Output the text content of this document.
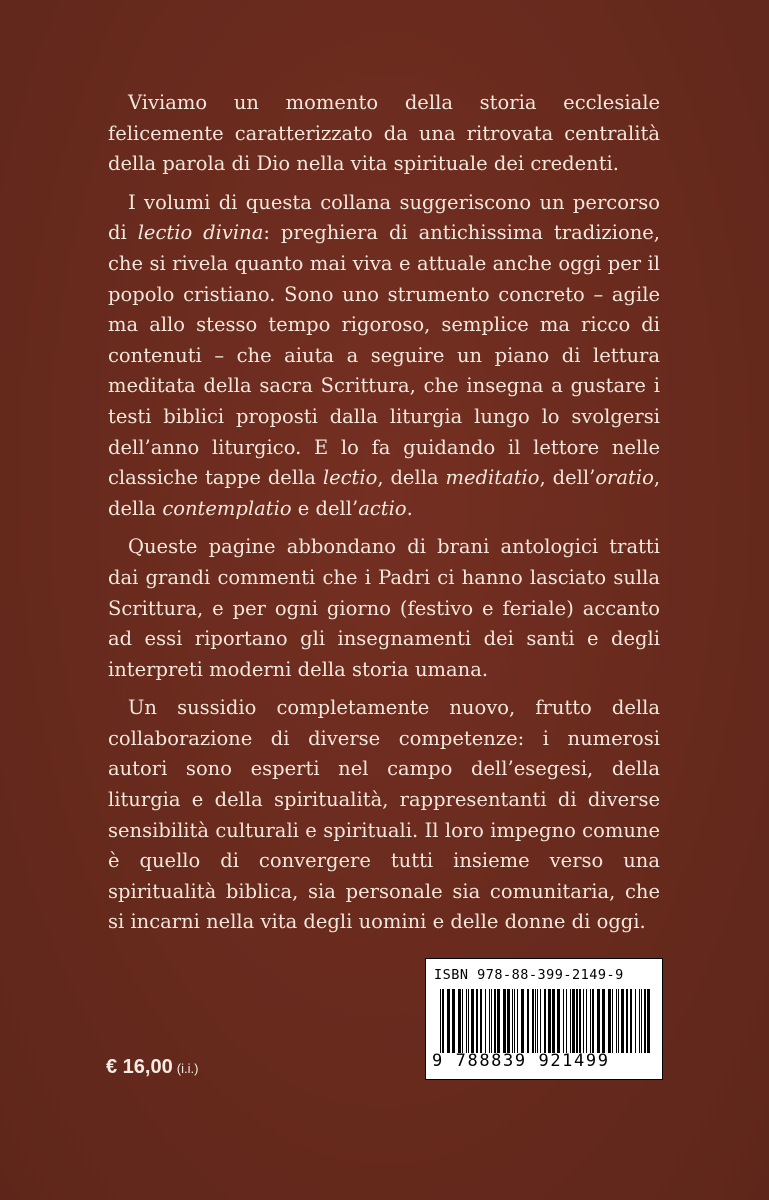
Viviamo un momento della storia ecclesiale felicemente caratterizzato da una ritrovata centralità della parola di Dio nella vita spirituale dei credenti.

I volumi di questa collana suggeriscono un percorso di lectio divina: preghiera di antichissima tradizione, che si rivela quanto mai viva e attuale anche oggi per il popolo cristiano. Sono uno strumento concreto – agile ma allo stesso tempo rigoroso, semplice ma ricco di contenuti – che aiuta a seguire un piano di lettura meditata della sacra Scrittura, che insegna a gustare i testi biblici proposti dalla liturgia lungo lo svolgersi dell’anno liturgico. E lo fa guidando il lettore nelle classiche tappe della lectio, della meditatio, dell’oratio, della contemplatio e dell’actio.

Queste pagine abbondano di brani antologici tratti dai grandi commenti che i Padri ci hanno lasciato sulla Scrittura, e per ogni giorno (festivo e feriale) accanto ad essi riportano gli insegnamenti dei santi e degli interpreti moderni della storia umana.

Un sussidio completamente nuovo, frutto della collaborazione di diverse competenze: i numerosi autori sono esperti nel campo dell’esegesi, della liturgia e della spiritualità, rappresentanti di diverse sensibilità culturali e spirituali. Il loro impegno comune è quello di convergere tutti insieme verso una spiritualità biblica, sia personale sia comunitaria, che si incarni nella vita degli uomini e delle donne di oggi.

ISBN 978-88-399-2149-9
9 788839 921499
€ 16,00 (i.i.)
